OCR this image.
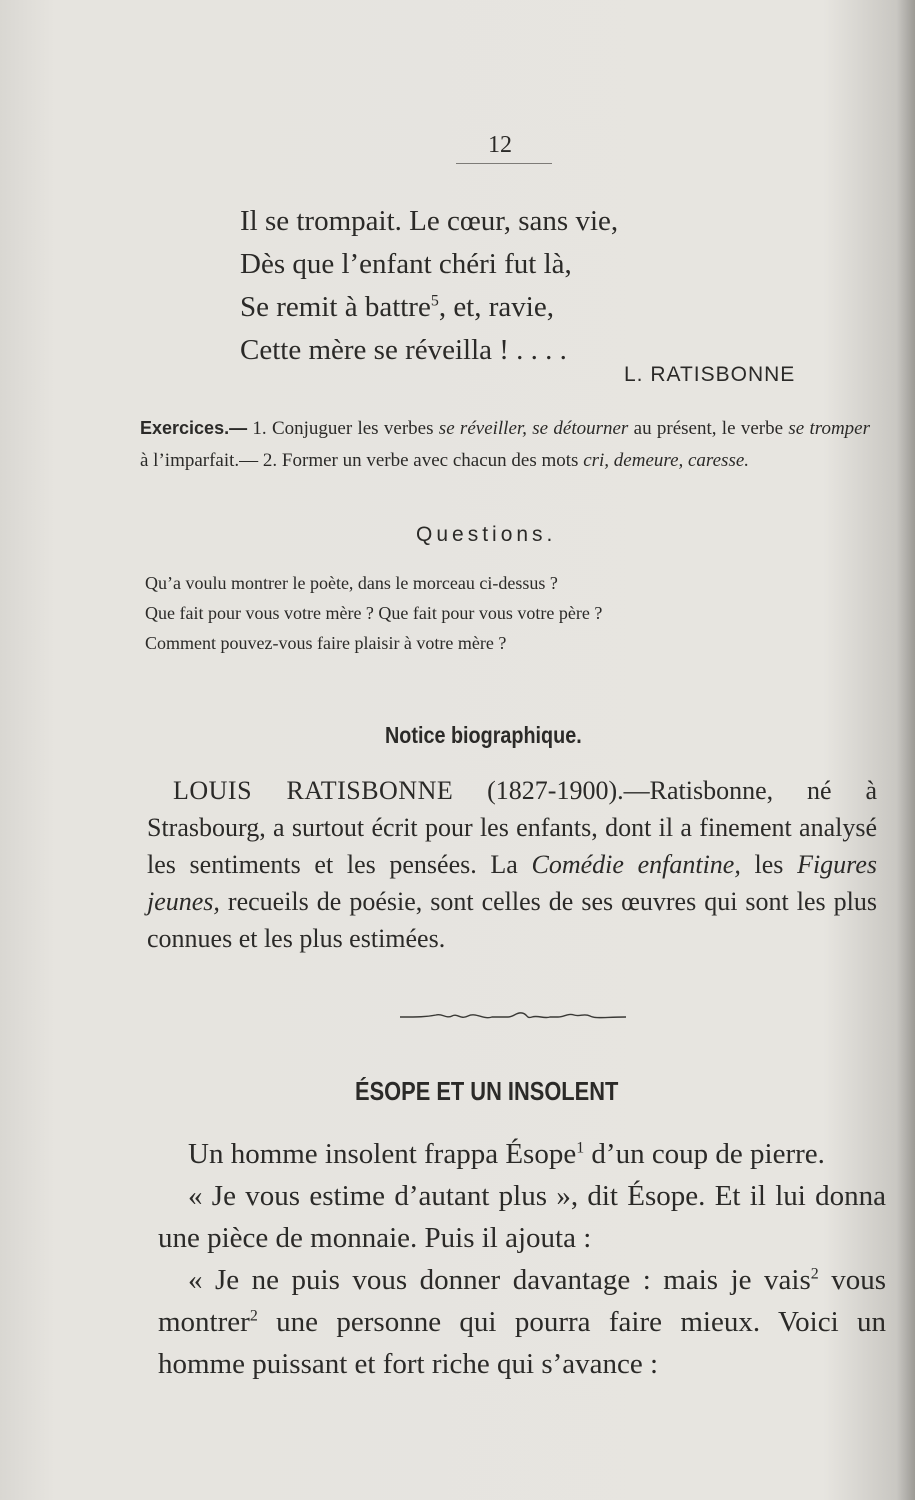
12
Il se trompait. Le cœur, sans vie,
Dès que l’enfant chéri fut là,
Se remit à battre$^5$, et, ravie,
Cette mère se réveilla ! . . . .
L. RATISBONNE
Exercices.— 1. Conjuguer les verbes se réveiller, se détourner au présent, le verbe se tromper à l’imparfait.— 2. Former un verbe avec chacun des mots cri, demeure, caresse.
Questions.
Qu’a voulu montrer le poète, dans le morceau ci-dessus ?
Que fait pour vous votre mère ? Que fait pour vous votre père ?
Comment pouvez-vous faire plaisir à votre mère ?
Notice biographique.
LOUIS RATISBONNE (1827-1900).—Ratisbonne, né à Strasbourg, a surtout écrit pour les enfants, dont il a finement analysé les sentiments et les pensées. La Comédie enfantine, les Figures jeunes, recueils de poésie, sont celles de ses œuvres qui sont les plus connues et les plus estimées.
ÉSOPE ET UN INSOLENT

Un homme insolent frappa Ésope$^1$ d’un coup de pierre.

« Je vous estime d’autant plus », dit Ésope. Et il lui donna une pièce de monnaie. Puis il ajouta :

« Je ne puis vous donner davantage : mais je vais$^2$ vous montrer$^2$ une personne qui pourra faire mieux. Voici un homme puissant et fort riche qui s’avance :
